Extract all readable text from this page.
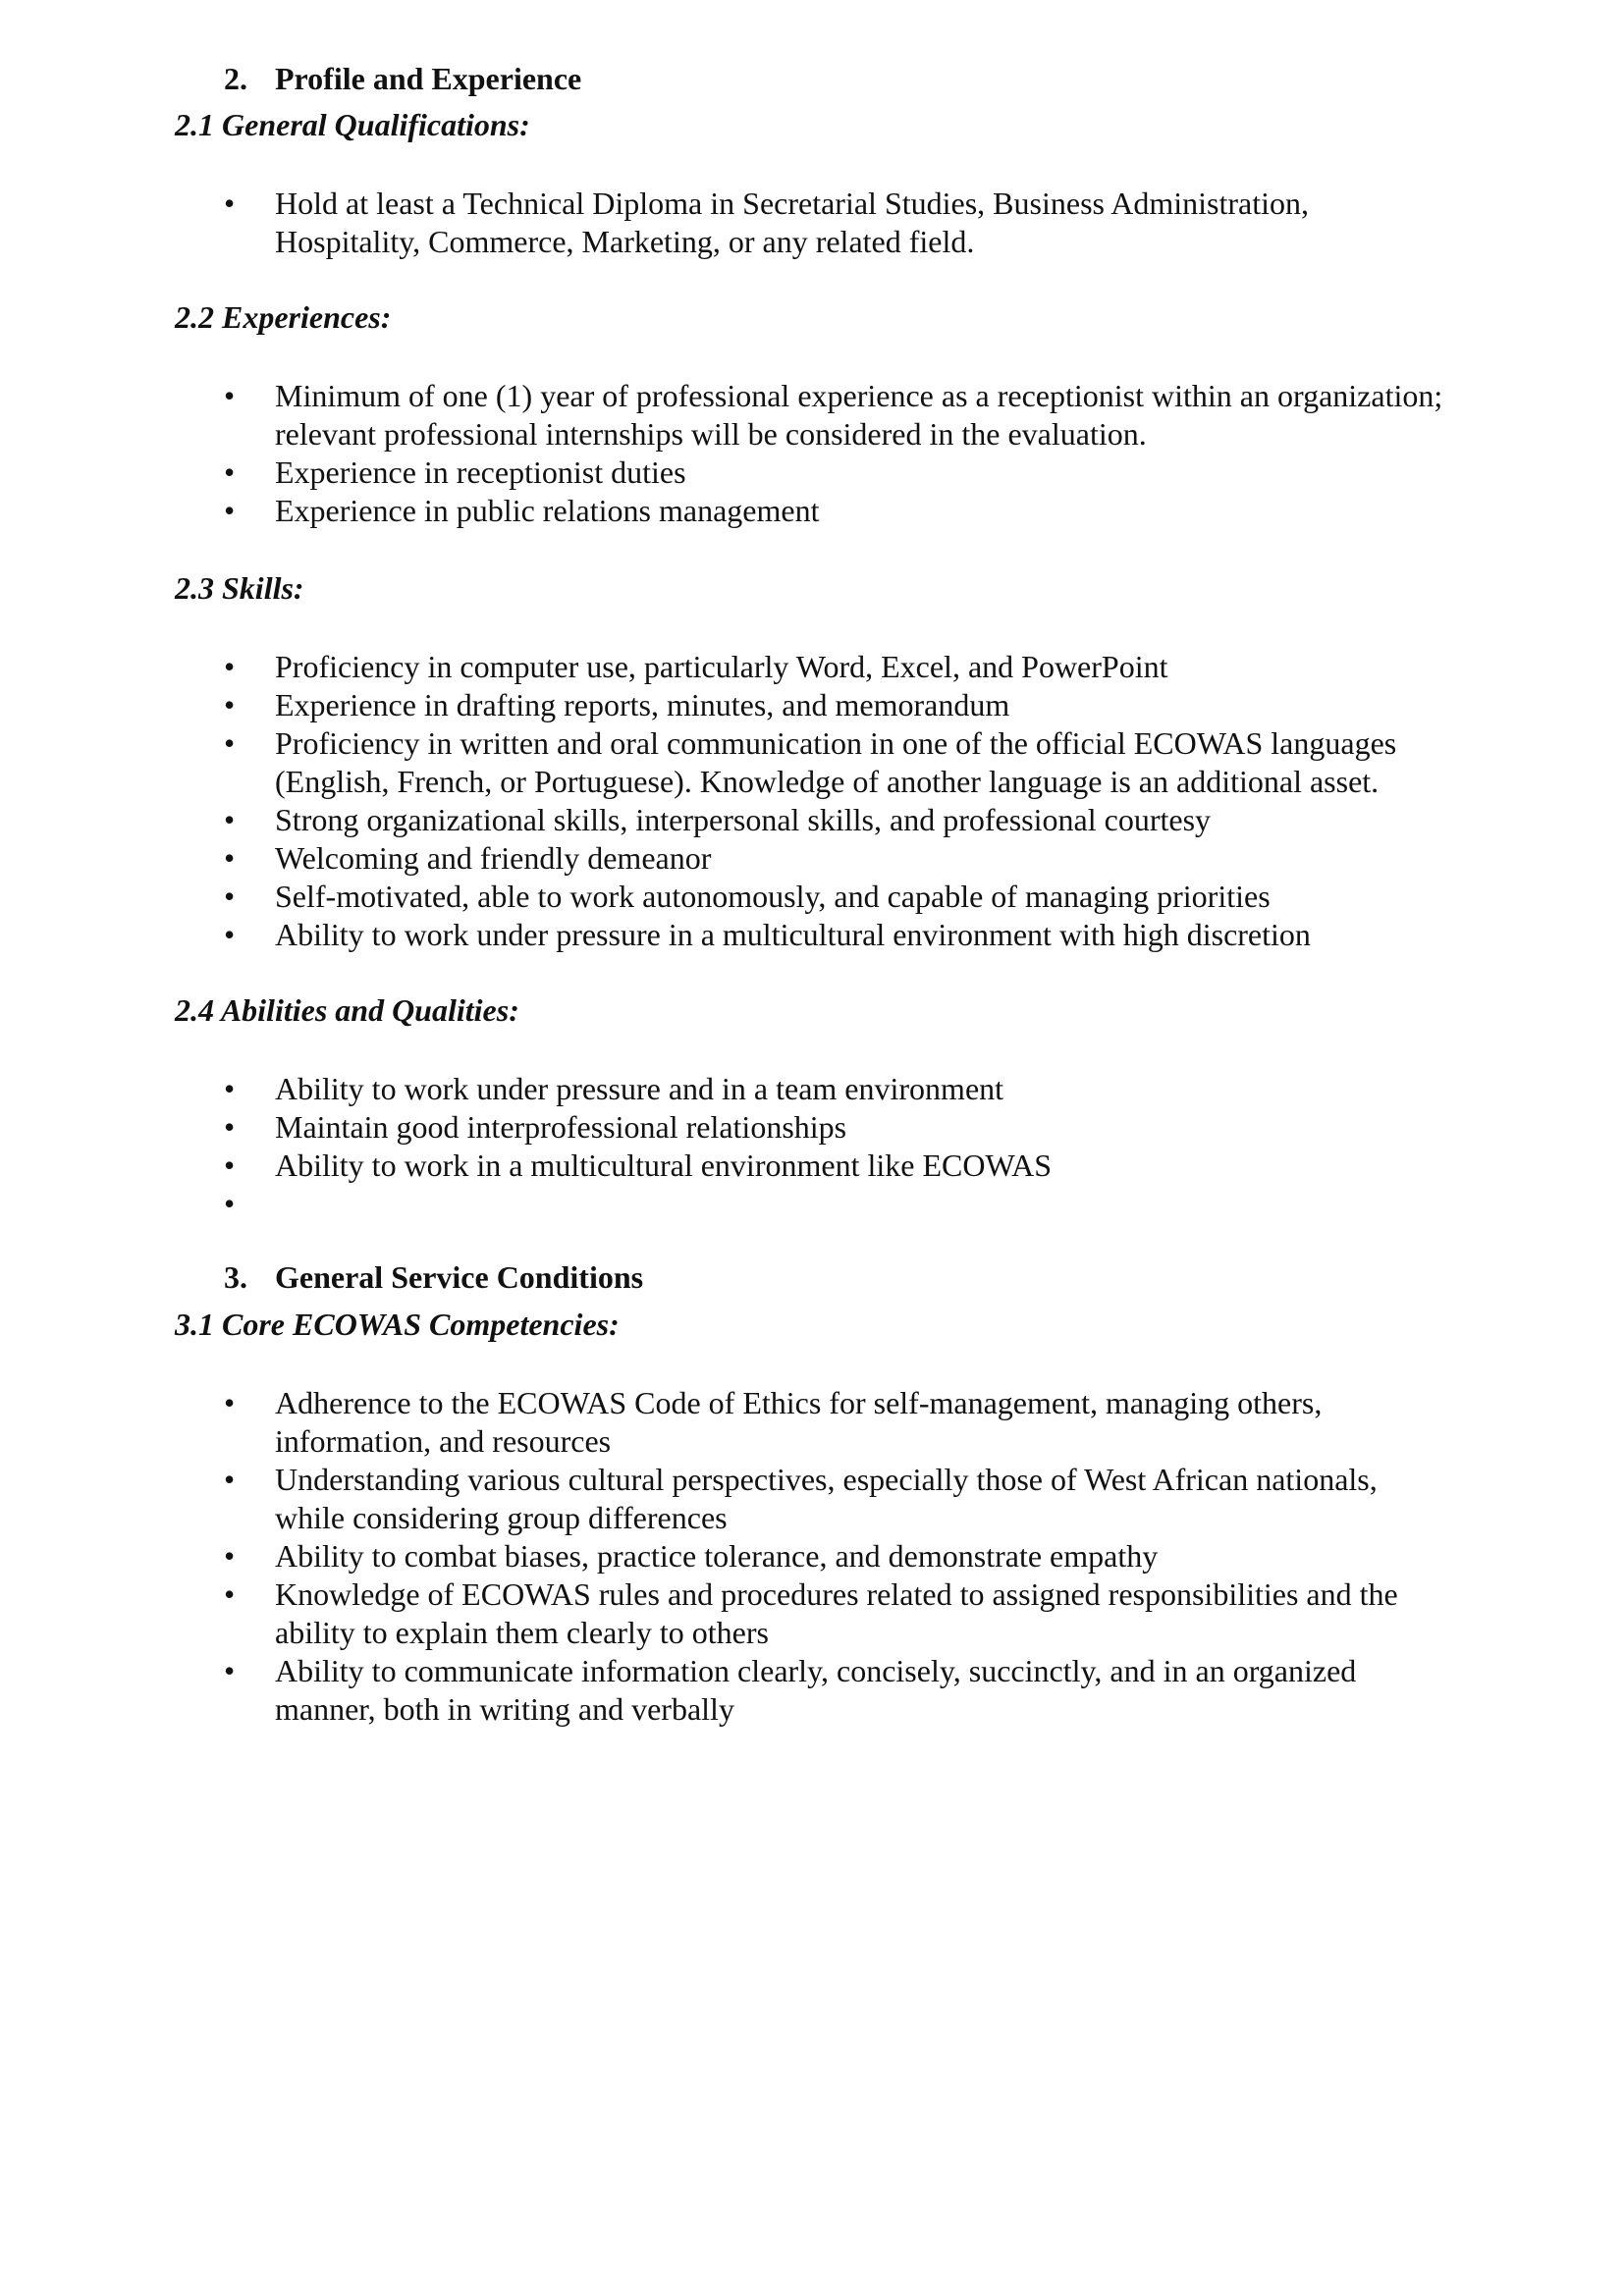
2. Profile and Experience
2.1 General Qualifications:
• Hold at least a Technical Diploma in Secretarial Studies, Business Administration, Hospitality, Commerce, Marketing, or any related field.
2.2 Experiences:
• Minimum of one (1) year of professional experience as a receptionist within an organization; relevant professional internships will be considered in the evaluation.
• Experience in receptionist duties
• Experience in public relations management
2.3 Skills:
• Proficiency in computer use, particularly Word, Excel, and PowerPoint
• Experience in drafting reports, minutes, and memorandum
• Proficiency in written and oral communication in one of the official ECOWAS languages (English, French, or Portuguese). Knowledge of another language is an additional asset.
• Strong organizational skills, interpersonal skills, and professional courtesy
• Welcoming and friendly demeanor
• Self-motivated, able to work autonomously, and capable of managing priorities
• Ability to work under pressure in a multicultural environment with high discretion
2.4 Abilities and Qualities:
• Ability to work under pressure and in a team environment
• Maintain good interprofessional relationships
• Ability to work in a multicultural environment like ECOWAS
•
3. General Service Conditions
3.1 Core ECOWAS Competencies:
• Adherence to the ECOWAS Code of Ethics for self-management, managing others, information, and resources
• Understanding various cultural perspectives, especially those of West African nationals, while considering group differences
• Ability to combat biases, practice tolerance, and demonstrate empathy
• Knowledge of ECOWAS rules and procedures related to assigned responsibilities and the ability to explain them clearly to others
• Ability to communicate information clearly, concisely, succinctly, and in an organized manner, both in writing and verbally
